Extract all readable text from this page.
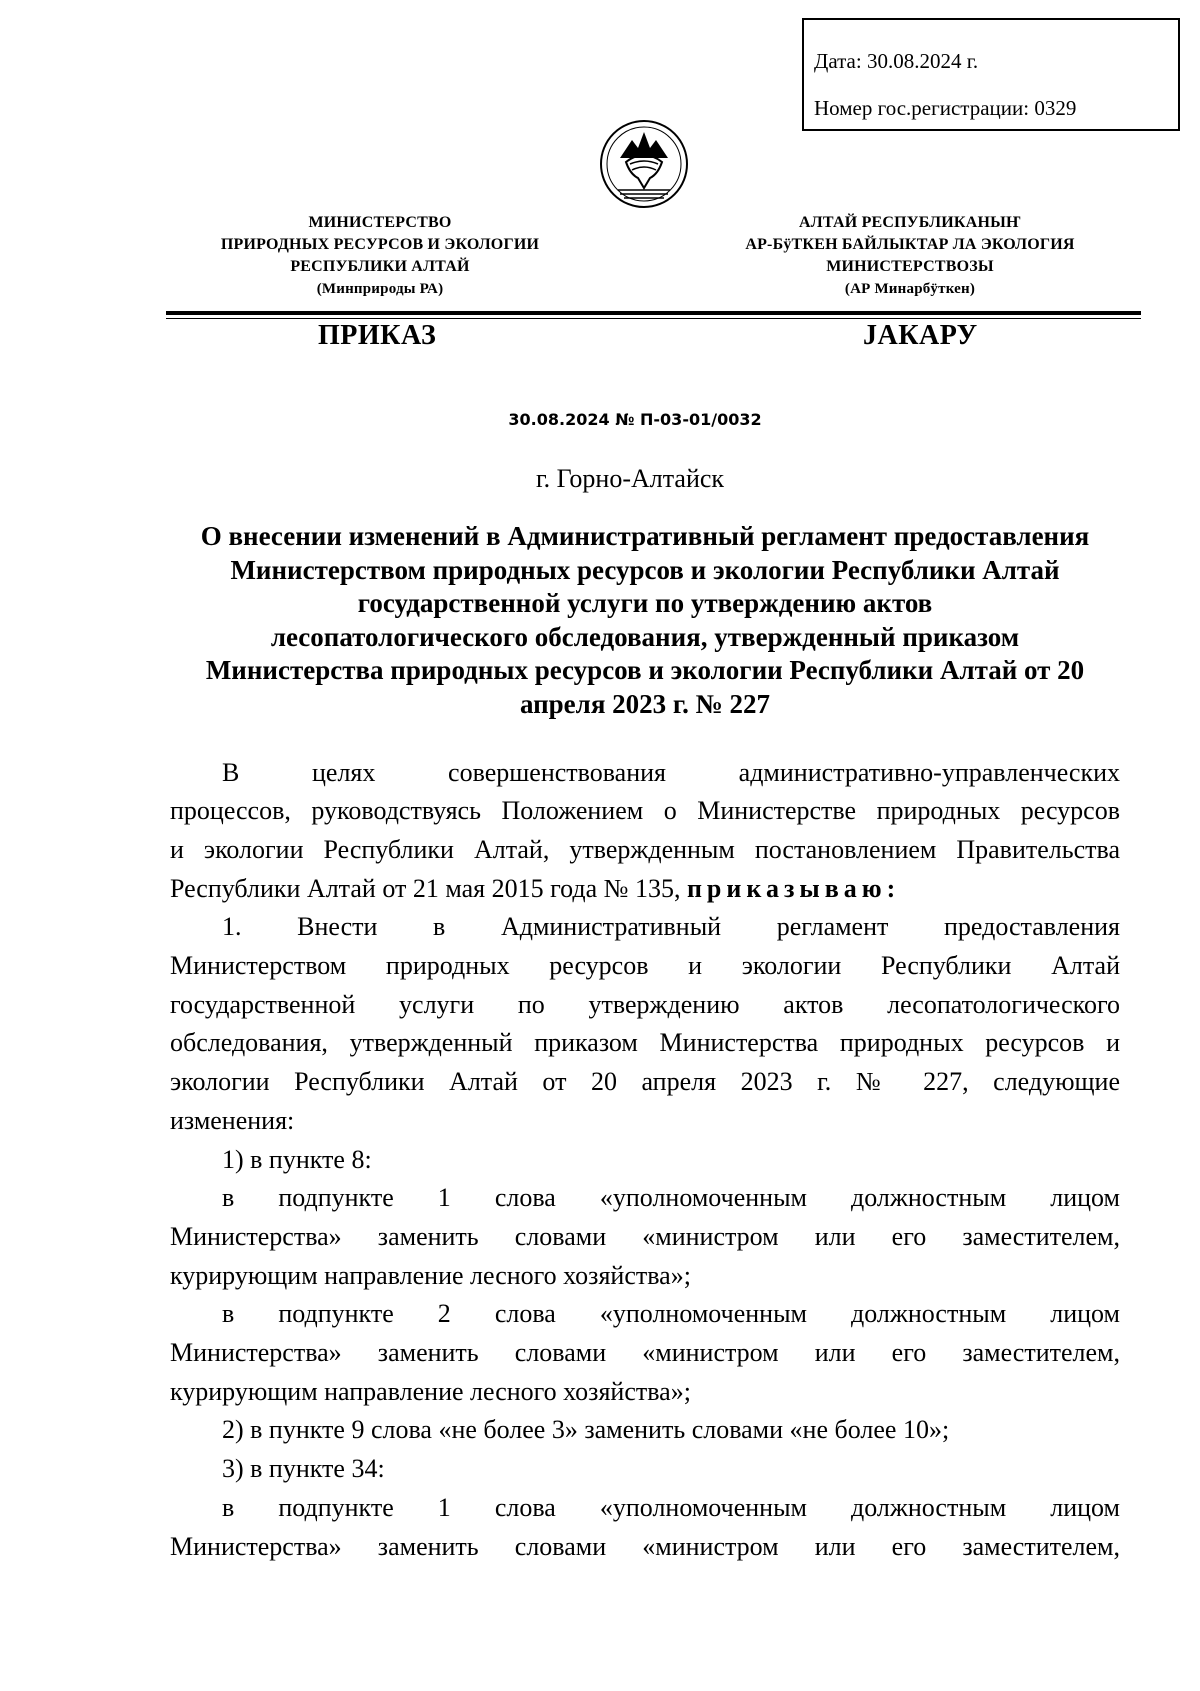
Дата: 30.08.2024 г.
Номер гос.регистрации: 0329
МИНИСТЕРСТВО
ПРИРОДНЫХ РЕСУРСОВ И ЭКОЛОГИИ
РЕСПУБЛИКИ АЛТАЙ
(Минприроды РА)
АЛТАЙ РЕСПУБЛИКАНЫҤ
АР-БÿТКЕН БАЙЛЫКТАР ЛА ЭКОЛОГИЯ
МИНИСТЕРСТВОЗЫ
(АР Минарбÿткен)
ПРИКАЗ	JАКАРУ
30.08.2024 № П-03-01/0032
г. Горно-Алтайск
О внесении изменений в Административный регламент предоставления
Министерством природных ресурсов и экологии Республики Алтай
государственной услуги по утверждению актов
лесопатологического обследования, утвержденный приказом
Министерства природных ресурсов и экологии Республики Алтай от 20
апреля 2023 г. № 227
В целях совершенствования административно-управленческих
процессов, руководствуясь Положением о Министерстве природных ресурсов
и экологии Республики Алтай, утвержденным постановлением Правительства
Республики Алтай от 21 мая 2015 года № 135, приказываю:
1. Внести в Административный регламент предоставления
Министерством природных ресурсов и экологии Республики Алтай
государственной услуги по утверждению актов лесопатологического
обследования, утвержденный приказом Министерства природных ресурсов и
экологии Республики Алтай от 20 апреля 2023 г. № 227, следующие
изменения:
1) в пункте 8:
в подпункте 1 слова «уполномоченным должностным лицом
Министерства» заменить словами «министром или его заместителем,
курирующим направление лесного хозяйства»;
в подпункте 2 слова «уполномоченным должностным лицом
Министерства» заменить словами «министром или его заместителем,
курирующим направление лесного хозяйства»;
2) в пункте 9 слова «не более 3» заменить словами «не более 10»;
3) в пункте 34:
в подпункте 1 слова «уполномоченным должностным лицом
Министерства» заменить словами «министром или его заместителем,
